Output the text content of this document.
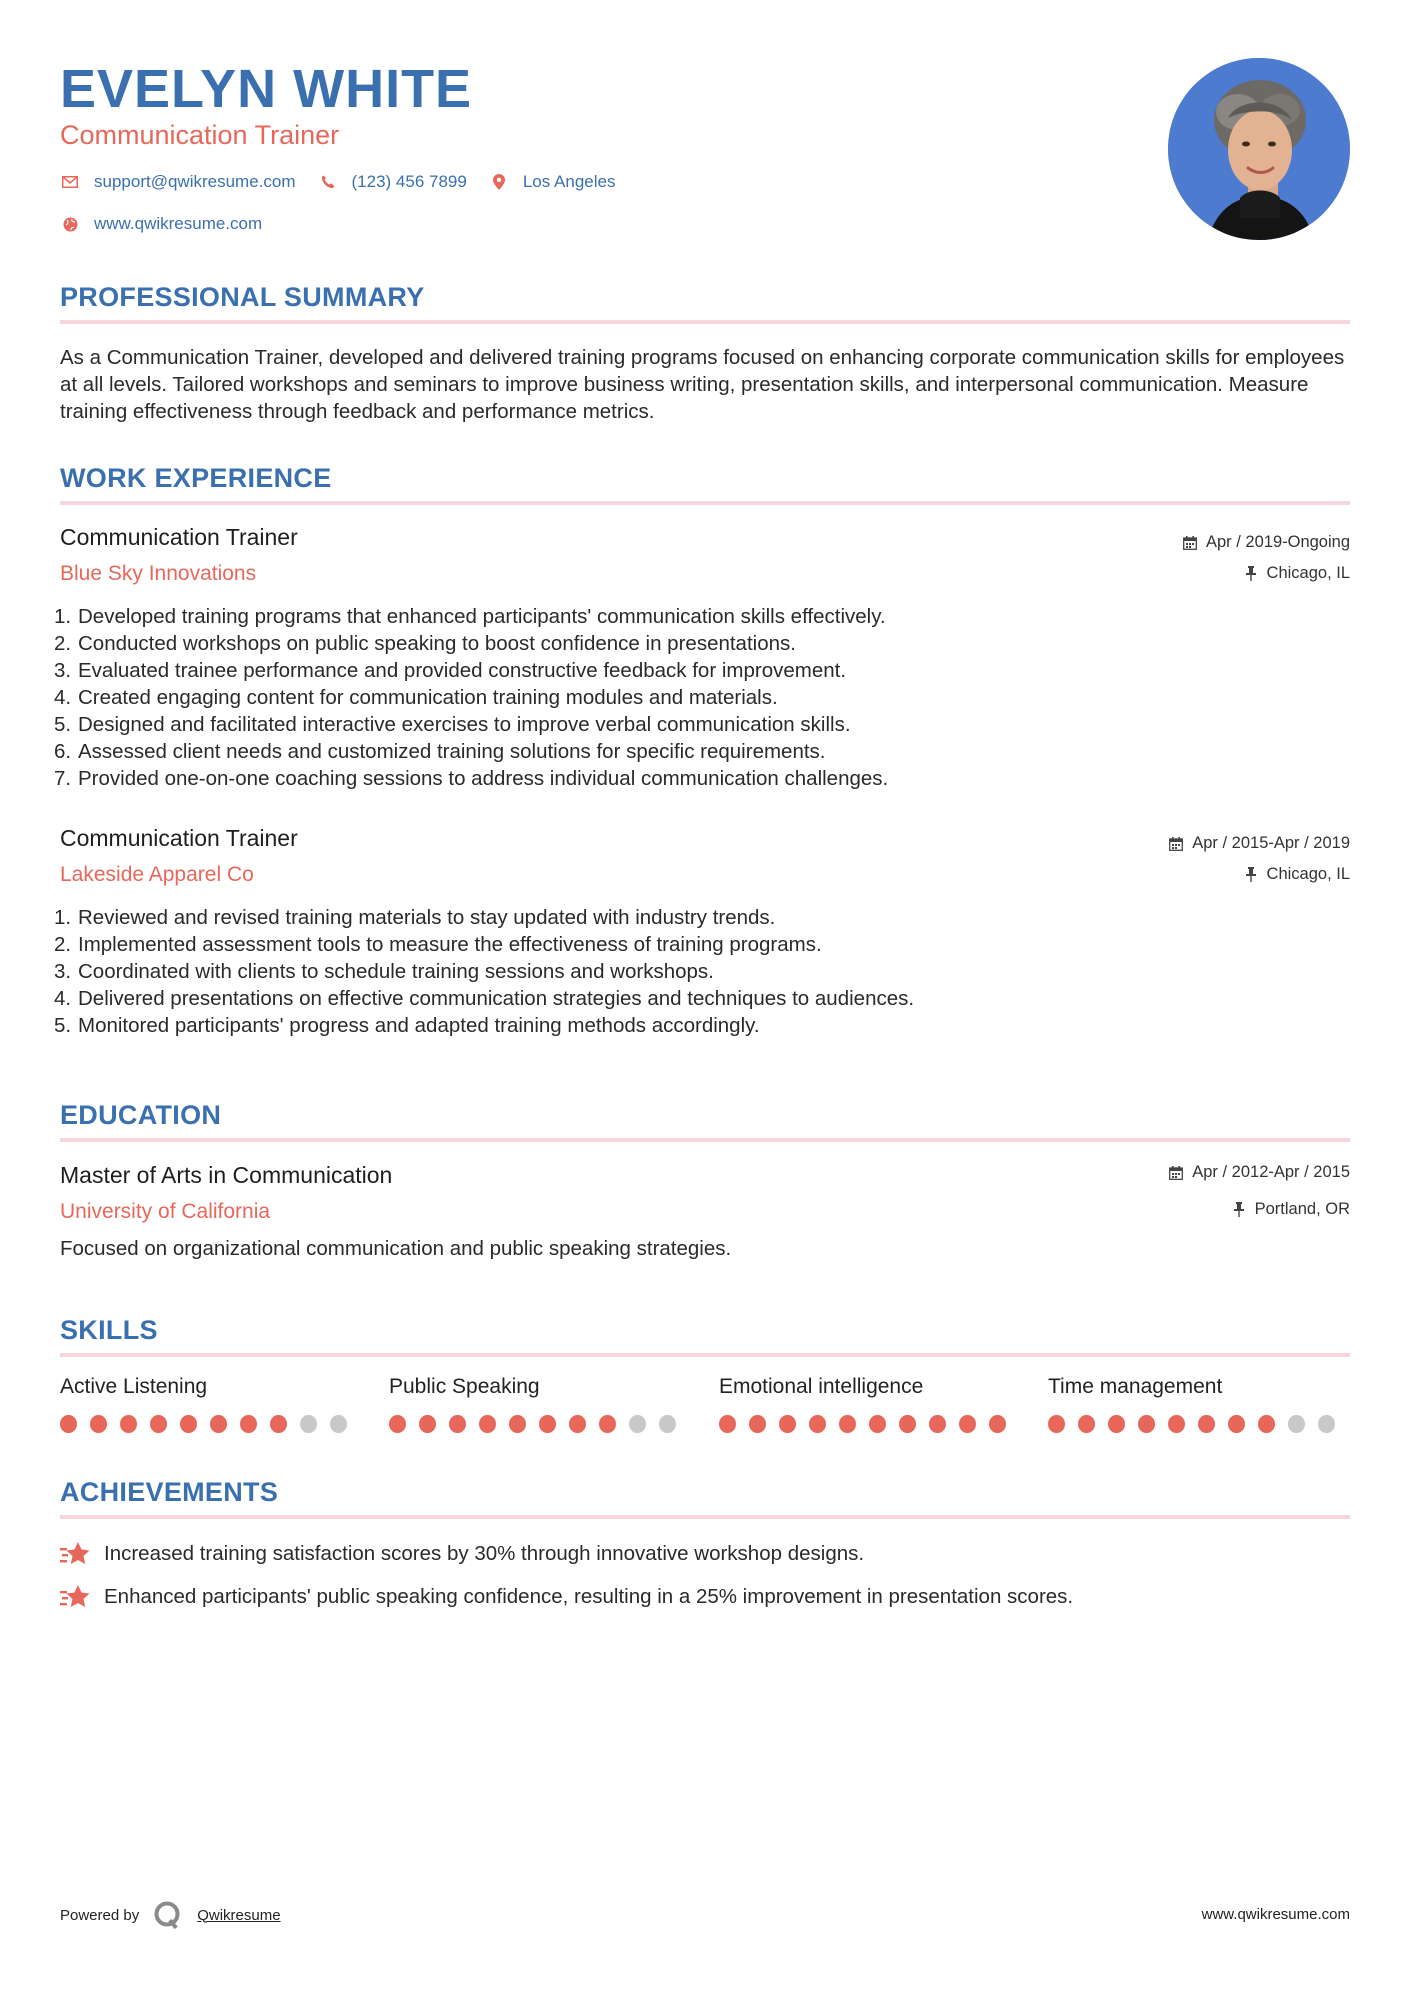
EVELYN WHITE
Communication Trainer
support@qwikresume.com	(123) 456 7899	Los Angeles
www.qwikresume.com
PROFESSIONAL SUMMARY
As a Communication Trainer, developed and delivered training programs focused on enhancing corporate communication skills for employees at all levels. Tailored workshops and seminars to improve business writing, presentation skills, and interpersonal communication. Measure training effectiveness through feedback and performance metrics.
WORK EXPERIENCE
Communication Trainer
Blue Sky Innovations
Apr / 2019-Ongoing
Chicago, IL
1. Developed training programs that enhanced participants' communication skills effectively.
2. Conducted workshops on public speaking to boost confidence in presentations.
3. Evaluated trainee performance and provided constructive feedback for improvement.
4. Created engaging content for communication training modules and materials.
5. Designed and facilitated interactive exercises to improve verbal communication skills.
6. Assessed client needs and customized training solutions for specific requirements.
7. Provided one-on-one coaching sessions to address individual communication challenges.
Communication Trainer
Lakeside Apparel Co
Apr / 2015-Apr / 2019
Chicago, IL
1. Reviewed and revised training materials to stay updated with industry trends.
2. Implemented assessment tools to measure the effectiveness of training programs.
3. Coordinated with clients to schedule training sessions and workshops.
4. Delivered presentations on effective communication strategies and techniques to audiences.
5. Monitored participants' progress and adapted training methods accordingly.
EDUCATION
Master of Arts in Communication
University of California
Apr / 2012-Apr / 2015
Portland, OR
Focused on organizational communication and public speaking strategies.
SKILLS
Active Listening	Public Speaking	Emotional intelligence	Time management
ACHIEVEMENTS
Increased training satisfaction scores by 30% through innovative workshop designs.
Enhanced participants' public speaking confidence, resulting in a 25% improvement in presentation scores.
Powered by	Qwikresume	www.qwikresume.com
